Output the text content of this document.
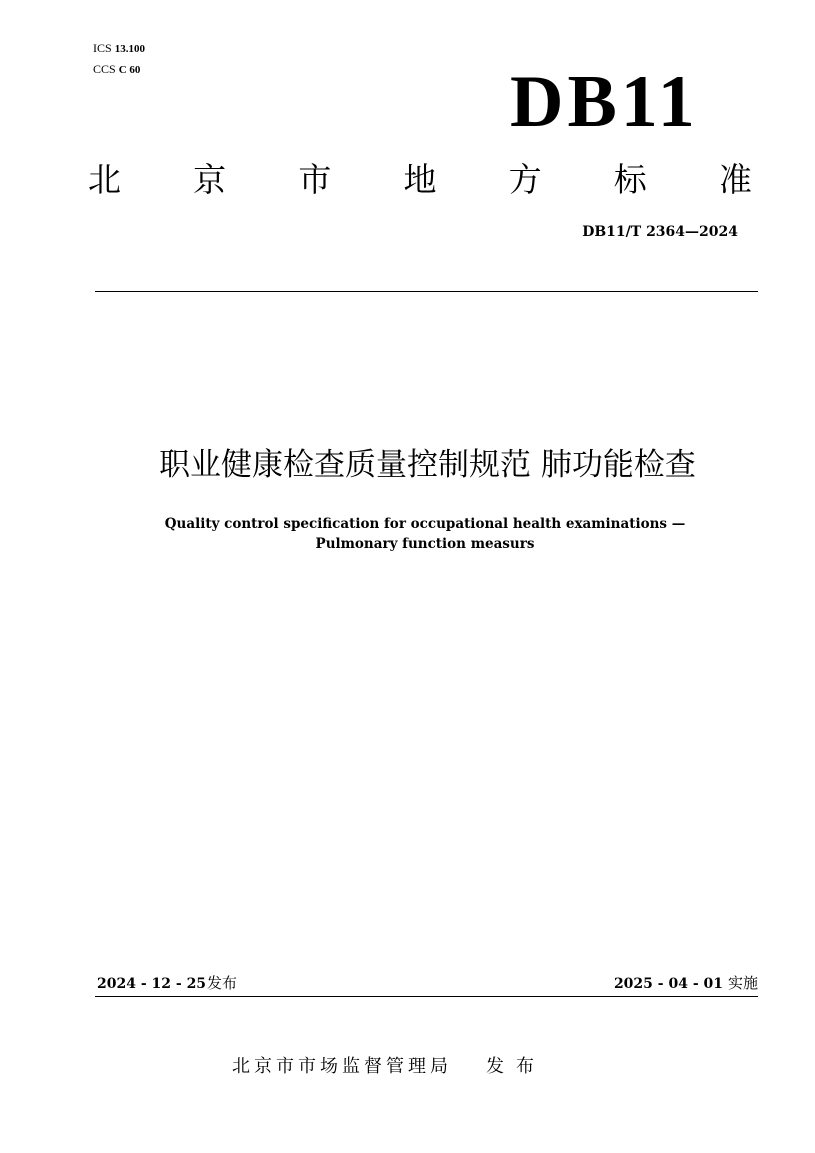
ICS 13.100
CCS C 60	DB11
北 京 市 地 方 标 准
DB11/T 2364—2024
职业健康检查质量控制规范 肺功能检查
Quality control specification for occupational health examinations —
Pulmonary function measurs
2024 - 12 - 25发布	2025 - 04 - 01 实施
北京市市场监督管理局 发布
